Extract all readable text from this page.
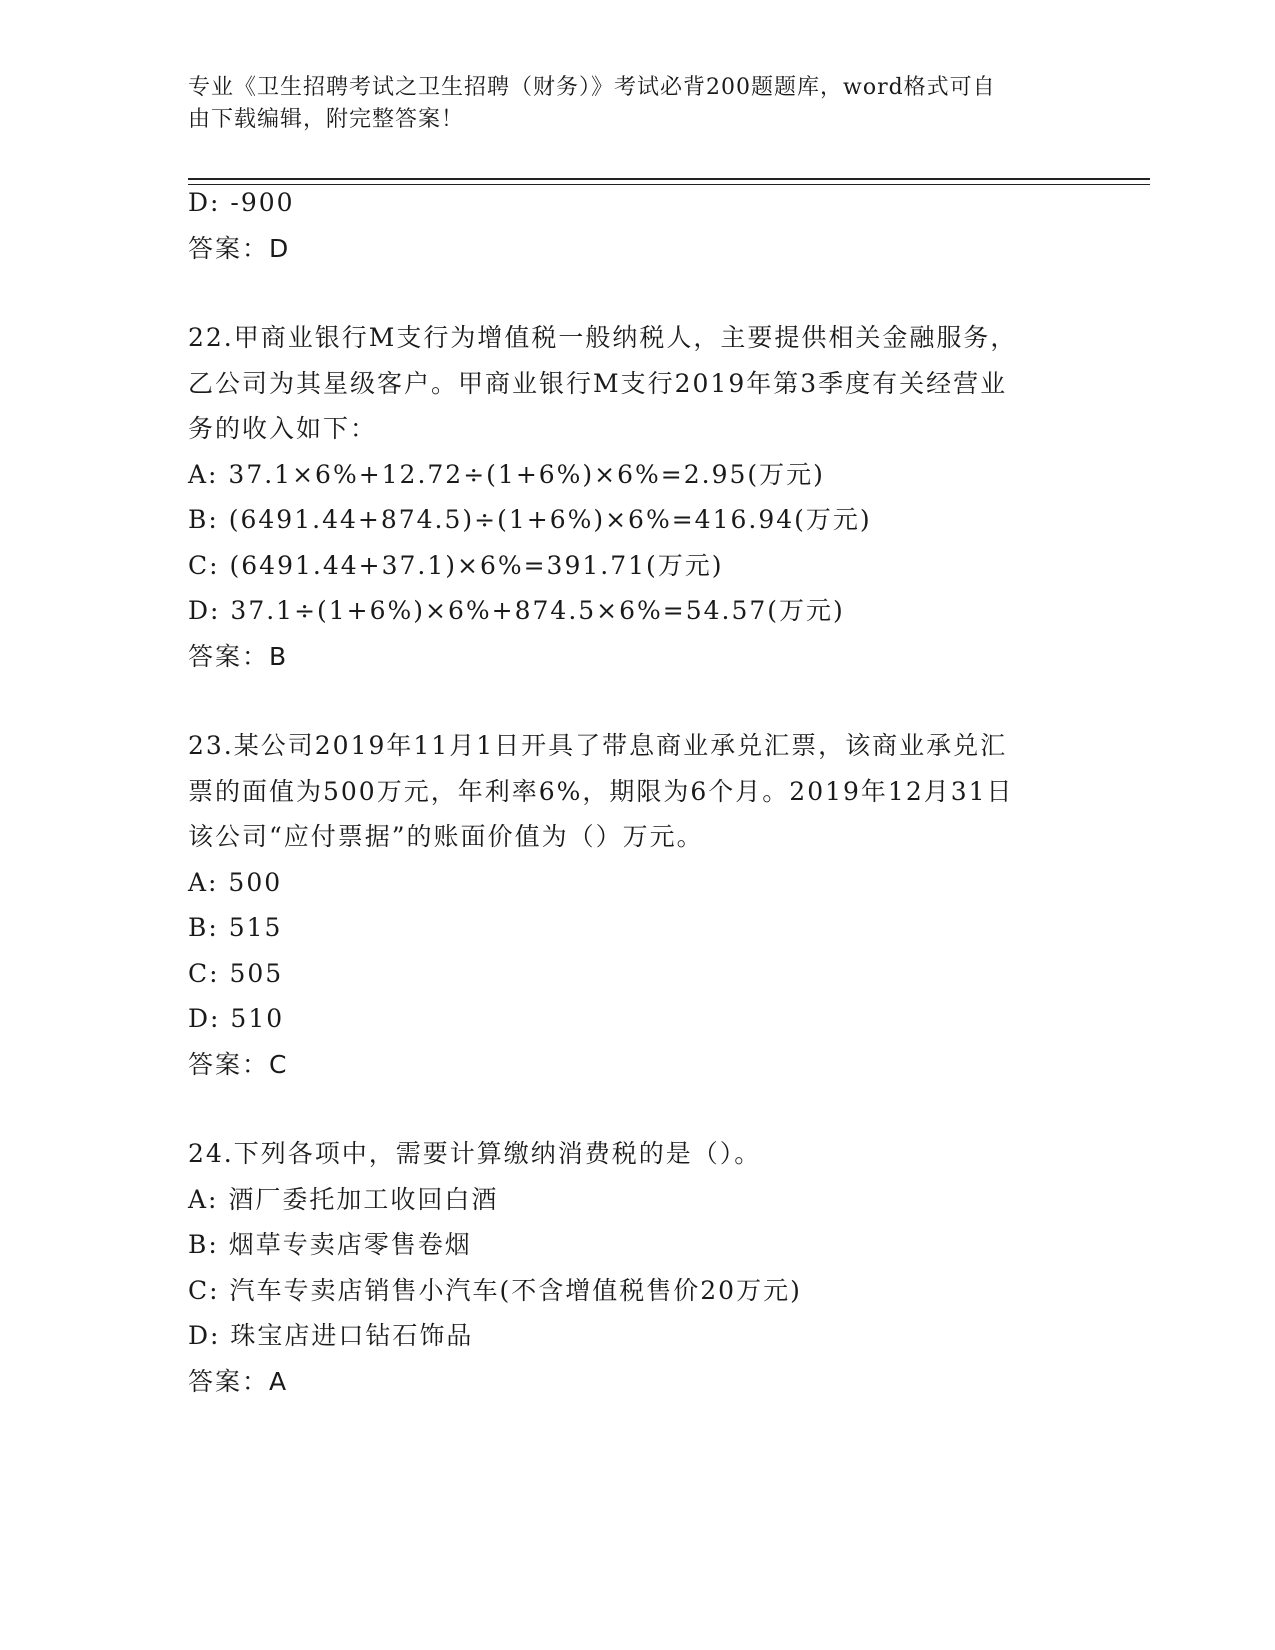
专业《卫生招聘考试之卫生招聘（财务）》考试必背200题题库，word格式可自
由下载编辑，附完整答案！
D: -900
答案：D
22.甲商业银行M支行为增值税一般纳税人，主要提供相关金融服务，
乙公司为其星级客户。甲商业银行M支行2019年第3季度有关经营业
务的收入如下：
A: 37.1×6%+12.72÷(1+6%)×6%=2.95(万元)
B: (6491.44+874.5)÷(1+6%)×6%=416.94(万元)
C: (6491.44+37.1)×6%=391.71(万元)
D: 37.1÷(1+6%)×6%+874.5×6%=54.57(万元)
答案：B
23.某公司2019年11月1日开具了带息商业承兑汇票，该商业承兑汇
票的面值为500万元，年利率6%，期限为6个月。2019年12月31日
该公司“应付票据”的账面价值为（）万元。
A: 500
B: 515
C: 505
D: 510
答案：C
24.下列各项中，需要计算缴纳消费税的是（）。
A: 酒厂委托加工收回白酒
B: 烟草专卖店零售卷烟
C: 汽车专卖店销售小汽车(不含增值税售价20万元)
D: 珠宝店进口钻石饰品
答案：A
